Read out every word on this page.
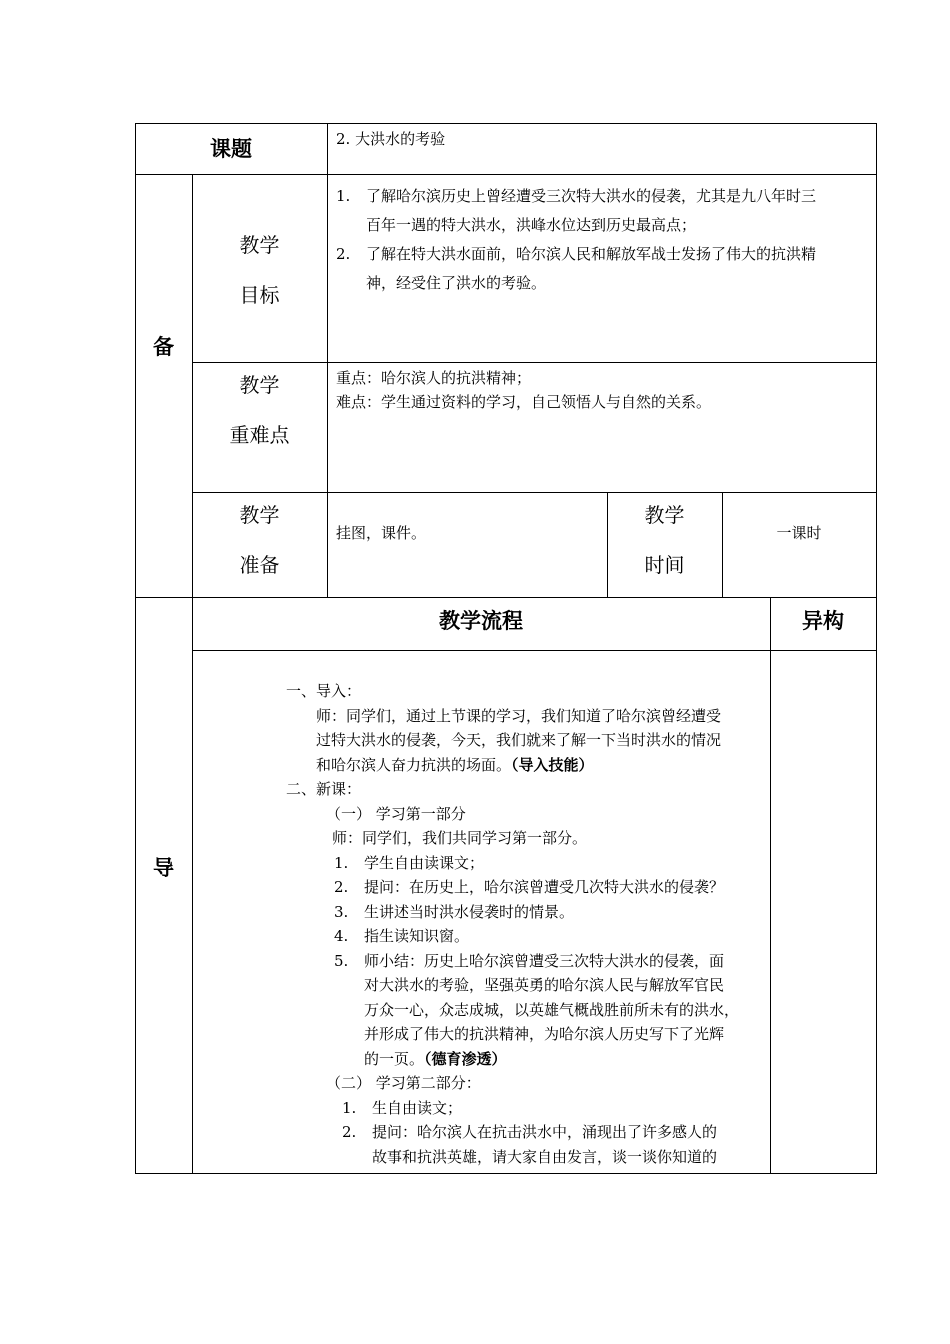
课题	2. 大洪水的考验
备
教学
目标
1. 了解哈尔滨历史上曾经遭受三次特大洪水的侵袭，尤其是九八年时三
百年一遇的特大洪水，洪峰水位达到历史最高点；
2. 了解在特大洪水面前，哈尔滨人民和解放军战士发扬了伟大的抗洪精
神，经受住了洪水的考验。
教学
重难点
重点：哈尔滨人的抗洪精神；
难点：学生通过资料的学习，自己领悟人与自然的关系。
教学
准备
挂图，课件。
教学
时间
一课时
导
教学流程	异构
一、导入：
师：同学们，通过上节课的学习，我们知道了哈尔滨曾经遭受
过特大洪水的侵袭，今天，我们就来了解一下当时洪水的情况
和哈尔滨人奋力抗洪的场面。（导入技能）
二、新课：
（一） 学习第一部分
师：同学们，我们共同学习第一部分。
1. 学生自由读课文；
2. 提问：在历史上，哈尔滨曾遭受几次特大洪水的侵袭？
3. 生讲述当时洪水侵袭时的情景。
4. 指生读知识窗。
5. 师小结：历史上哈尔滨曾遭受三次特大洪水的侵袭，面
对大洪水的考验，坚强英勇的哈尔滨人民与解放军官民
万众一心，众志成城，以英雄气概战胜前所未有的洪水，
并形成了伟大的抗洪精神，为哈尔滨人历史写下了光辉
的一页。（德育渗透）
（二） 学习第二部分：
1. 生自由读文；
2. 提问：哈尔滨人在抗击洪水中，涌现出了许多感人的
故事和抗洪英雄，请大家自由发言，谈一谈你知道的
